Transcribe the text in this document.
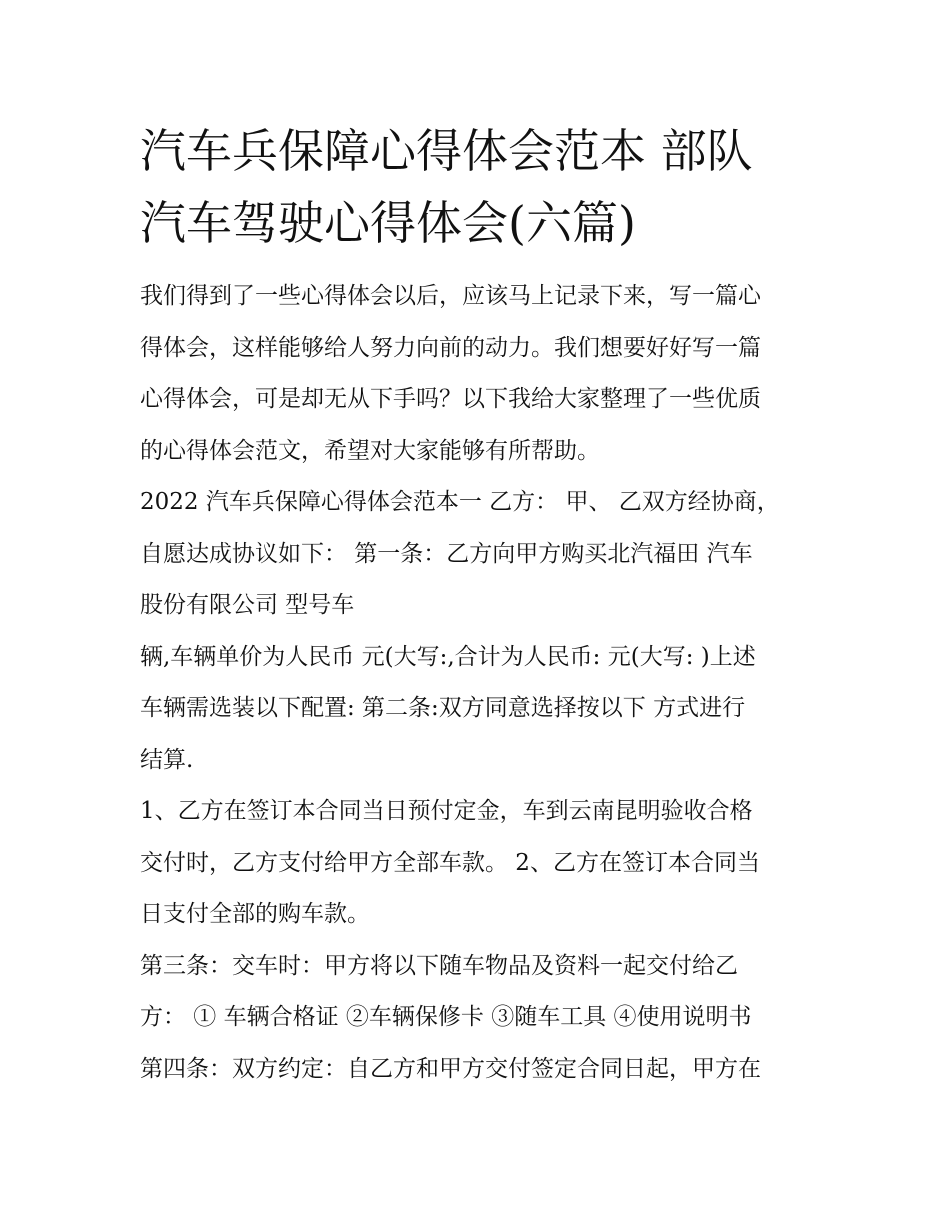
汽车兵保障心得体会范本 部队
汽车驾驶心得体会(六篇)

我们得到了一些心得体会以后，应该马上记录下来，写一篇心
得体会，这样能够给人努力向前的动力。我们想要好好写一篇
心得体会，可是却无从下手吗？以下我给大家整理了一些优质
的心得体会范文，希望对大家能够有所帮助。

2022 汽车兵保障心得体会范本一 乙方： 甲、 乙双方经协商，
自愿达成协议如下： 第一条：乙方向甲方购买北汽福田 汽车
股份有限公司 型号车

辆,车辆单价为人民币 元(大写:,合计为人民币: 元(大写: )上述
车辆需选装以下配置: 第二条:双方同意选择按以下 方式进行
结算.

1、乙方在签订本合同当日预付定金，车到云南昆明验收合格
交付时，乙方支付给甲方全部车款。 2、乙方在签订本合同当
日支付全部的购车款。

第三条：交车时：甲方将以下随车物品及资料一起交付给乙
方： ① 车辆合格证 ②车辆保修卡 ③随车工具 ④使用说明书

第四条：双方约定：自乙方和甲方交付签定合同日起，甲方在
